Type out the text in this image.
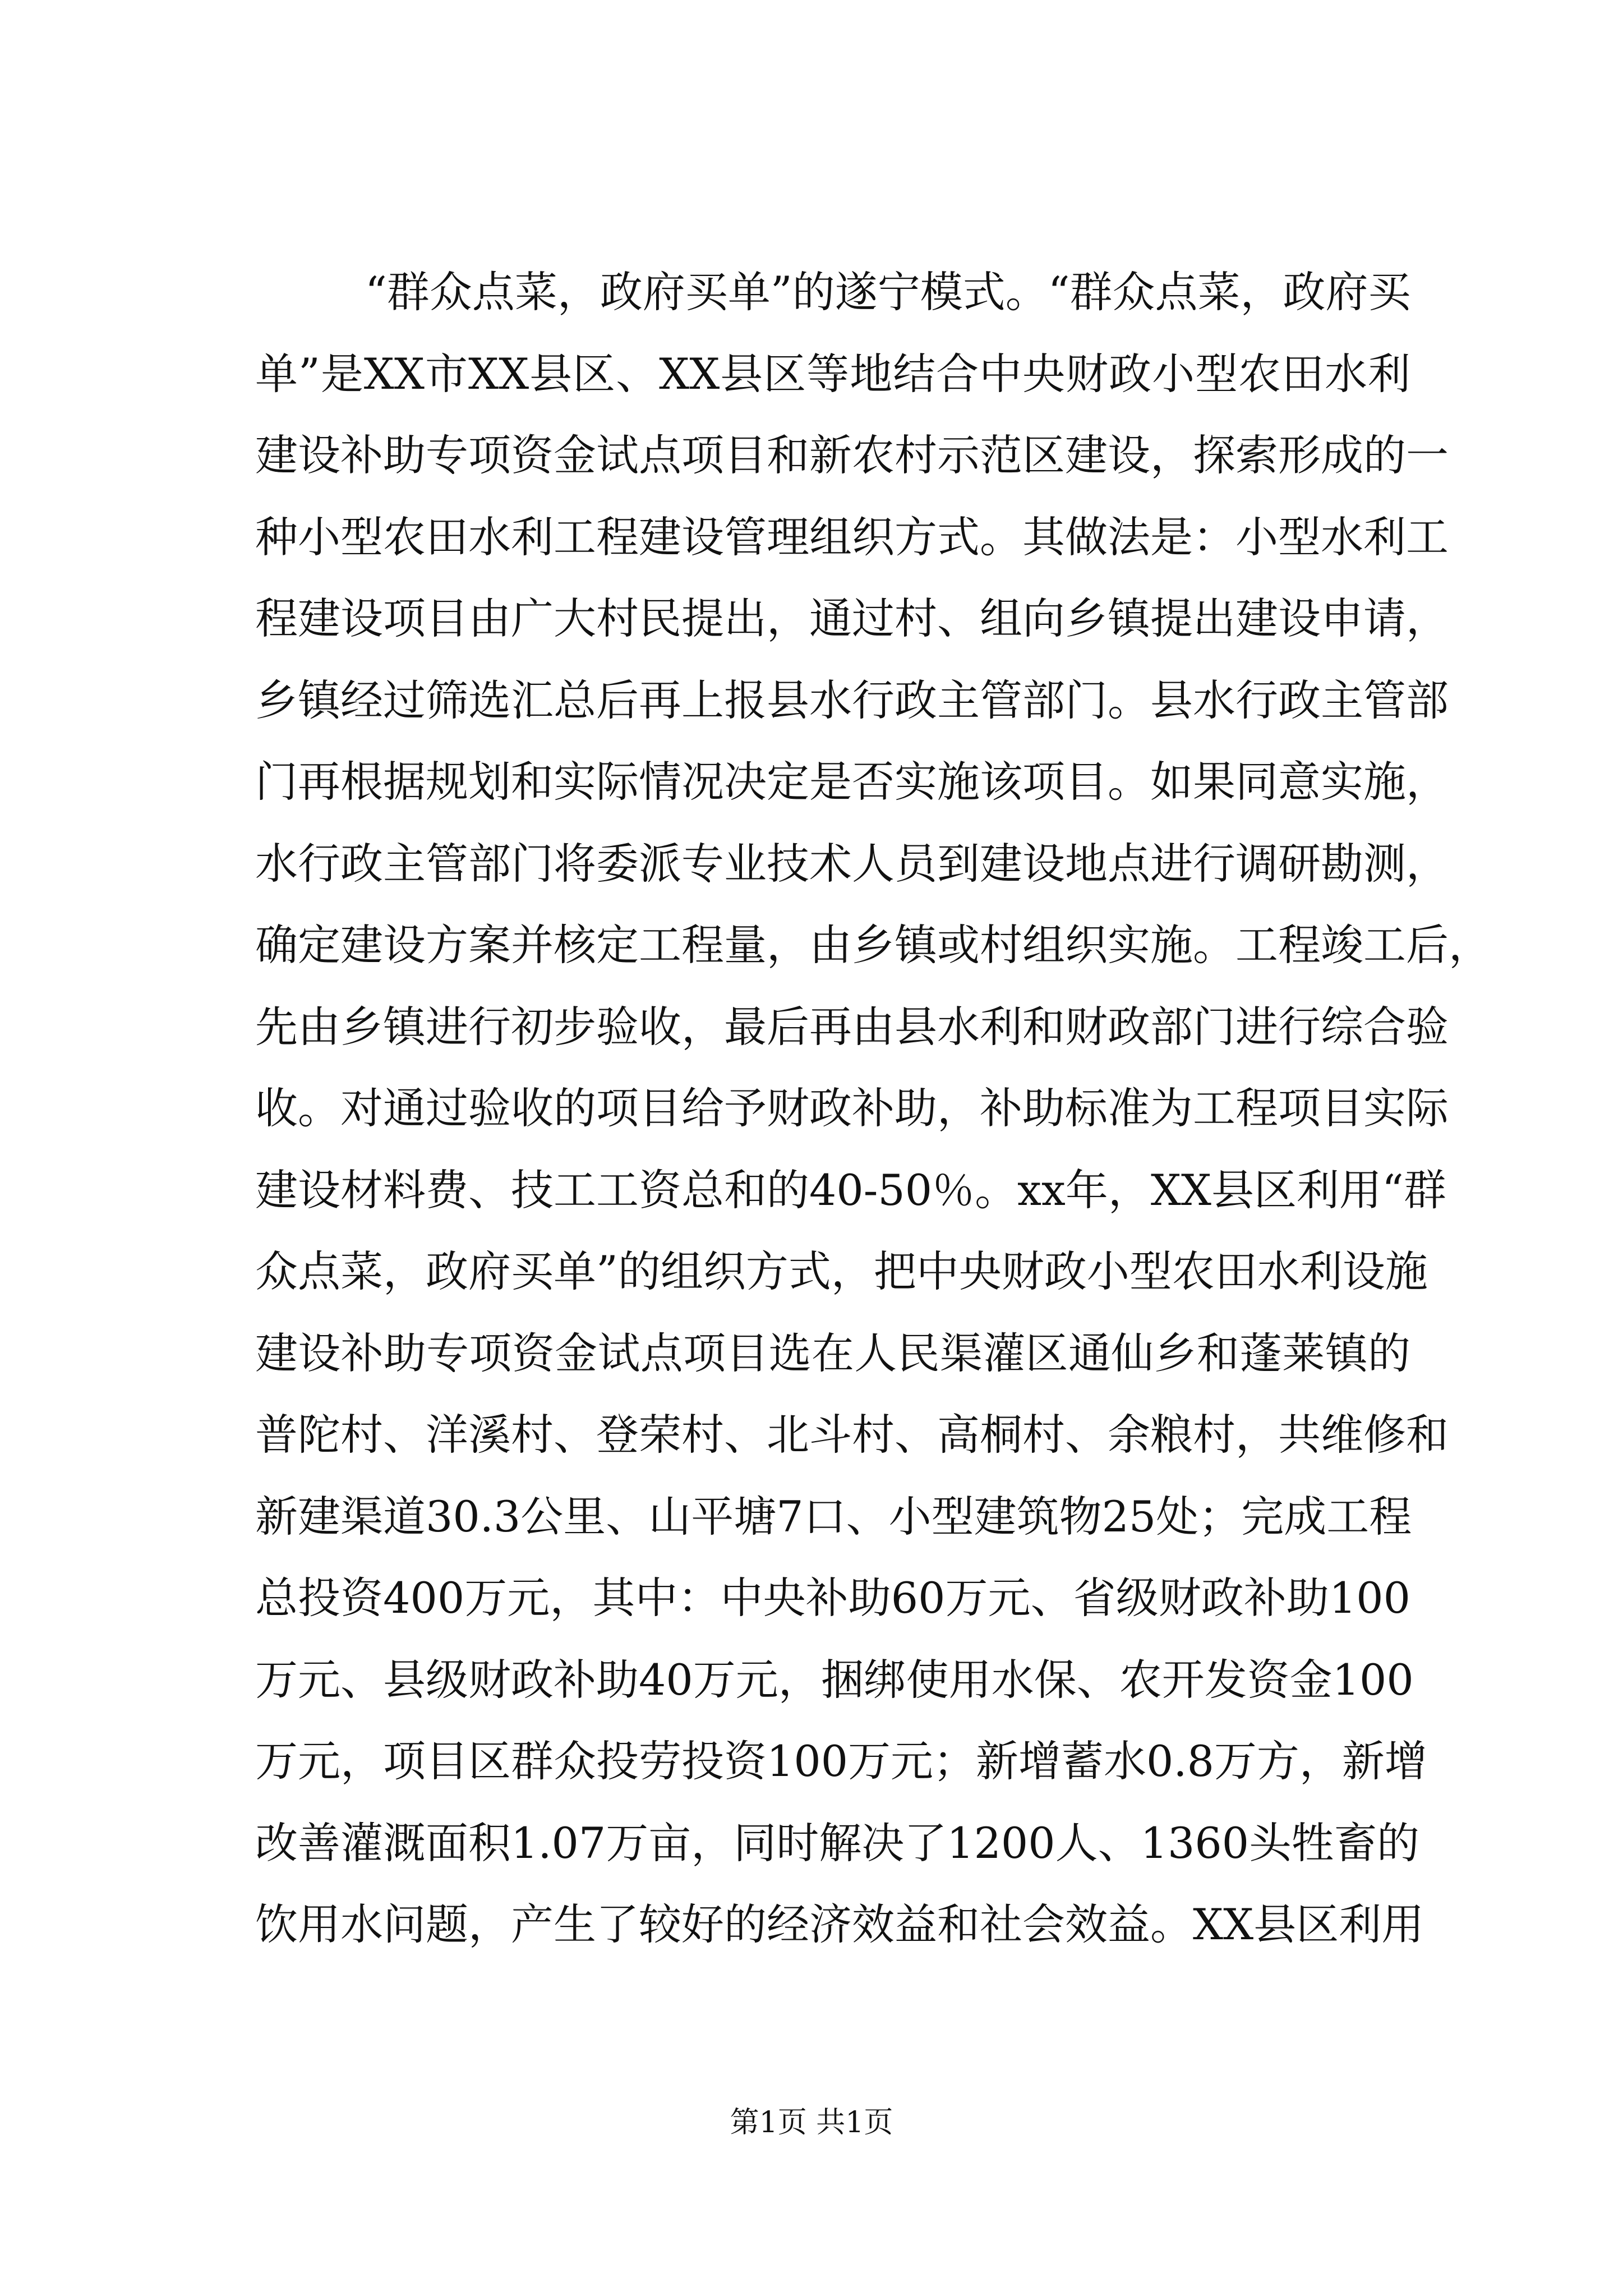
“群众点菜，政府买单”的遂宁模式。“群众点菜，政府买
单”是XX市XX县区、XX县区等地结合中央财政小型农田水利
建设补助专项资金试点项目和新农村示范区建设，探索形成的一
种小型农田水利工程建设管理组织方式。其做法是：小型水利工
程建设项目由广大村民提出，通过村、组向乡镇提出建设申请，
乡镇经过筛选汇总后再上报县水行政主管部门。县水行政主管部
门再根据规划和实际情况决定是否实施该项目。如果同意实施，
水行政主管部门将委派专业技术人员到建设地点进行调研勘测，
确定建设方案并核定工程量，由乡镇或村组织实施。工程竣工后，
先由乡镇进行初步验收，最后再由县水利和财政部门进行综合验
收。对通过验收的项目给予财政补助，补助标准为工程项目实际
建设材料费、技工工资总和的40-50％。xx年，XX县区利用“群
众点菜，政府买单”的组织方式，把中央财政小型农田水利设施
建设补助专项资金试点项目选在人民渠灌区通仙乡和蓬莱镇的
普陀村、洋溪村、登荣村、北斗村、高桐村、余粮村，共维修和
新建渠道30.3公里、山平塘7口、小型建筑物25处；完成工程
总投资400万元，其中：中央补助60万元、省级财政补助100
万元、县级财政补助40万元，捆绑使用水保、农开发资金100
万元，项目区群众投劳投资100万元；新增蓄水0.8万方，新增
改善灌溉面积1.07万亩，同时解决了1200人、1360头牲畜的
饮用水问题，产生了较好的经济效益和社会效益。XX县区利用
第1页 共1页
